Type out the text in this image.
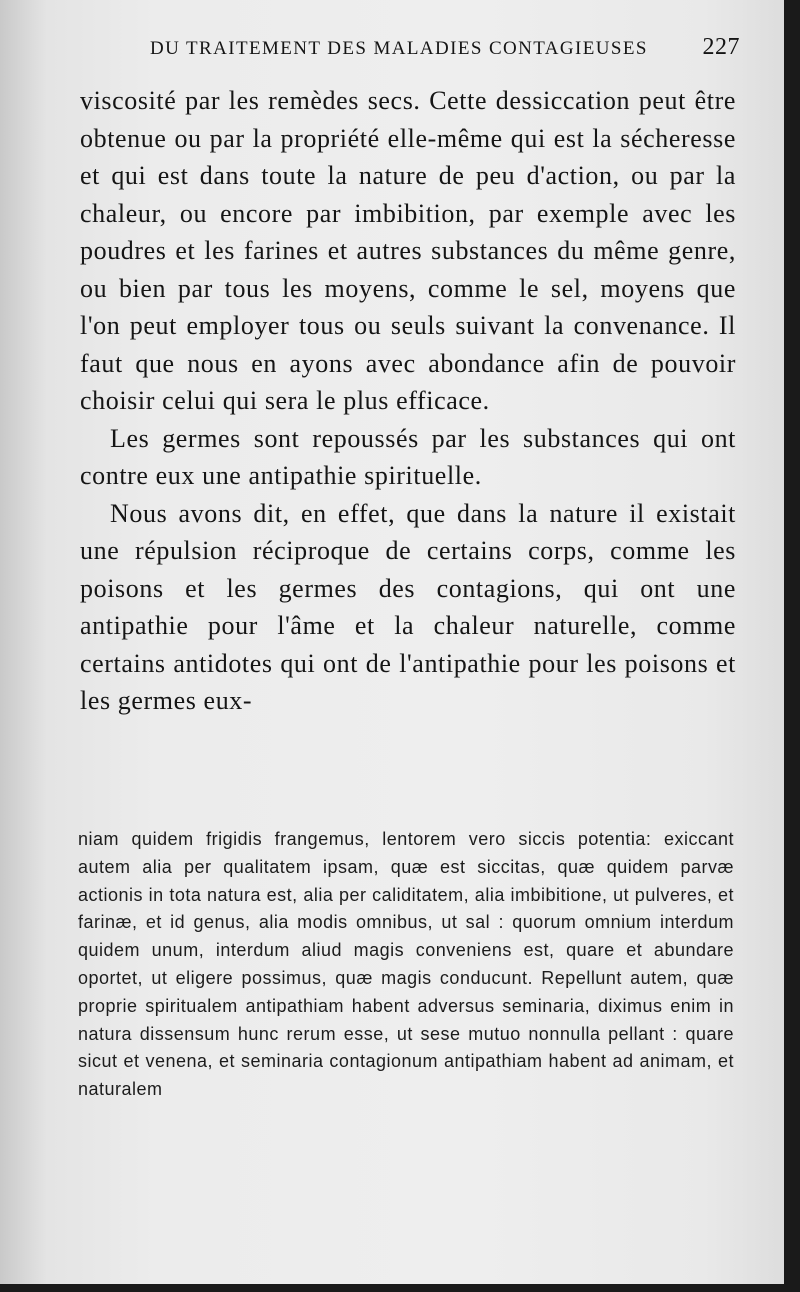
DU TRAITEMENT DES MALADIES CONTAGIEUSES 227

viscosité par les remèdes secs. Cette dessiccation peut être obtenue ou par la propriété elle-même qui est la sécheresse et qui est dans toute la nature de peu d'action, ou par la chaleur, ou encore par imbibition, par exemple avec les poudres et les farines et autres substances du même genre, ou bien par tous les moyens, comme le sel, moyens que l'on peut employer tous ou seuls suivant la convenance. Il faut que nous en ayons avec abondance afin de pouvoir choisir celui qui sera le plus efficace.

Les germes sont repoussés par les substances qui ont contre eux une antipathie spirituelle.

Nous avons dit, en effet, que dans la nature il existait une répulsion réciproque de certains corps, comme les poisons et les germes des contagions, qui ont une antipathie pour l'âme et la chaleur naturelle, comme certains antidotes qui ont de l'antipathie pour les poisons et les germes eux-

niam quidem frigidis frangemus, lentorem vero siccis potentia: exiccant autem alia per qualitatem ipsam, quæ est siccitas, quæ quidem parvæ actionis in tota natura est, alia per caliditatem, alia imbibitione, ut pulveres, et farinæ, et id genus, alia modis omnibus, ut sal : quorum omnium interdum quidem unum, interdum aliud magis conveniens est, quare et abundare oportet, ut eligere possimus, quæ magis conducunt. Repellunt autem, quæ proprie spiritualem antipathiam habent adversus seminaria, diximus enim in natura dissensum hunc rerum esse, ut sese mutuo nonnulla pellant : quare sicut et venena, et seminaria contagionum antipathiam habent ad animam, et naturalem
